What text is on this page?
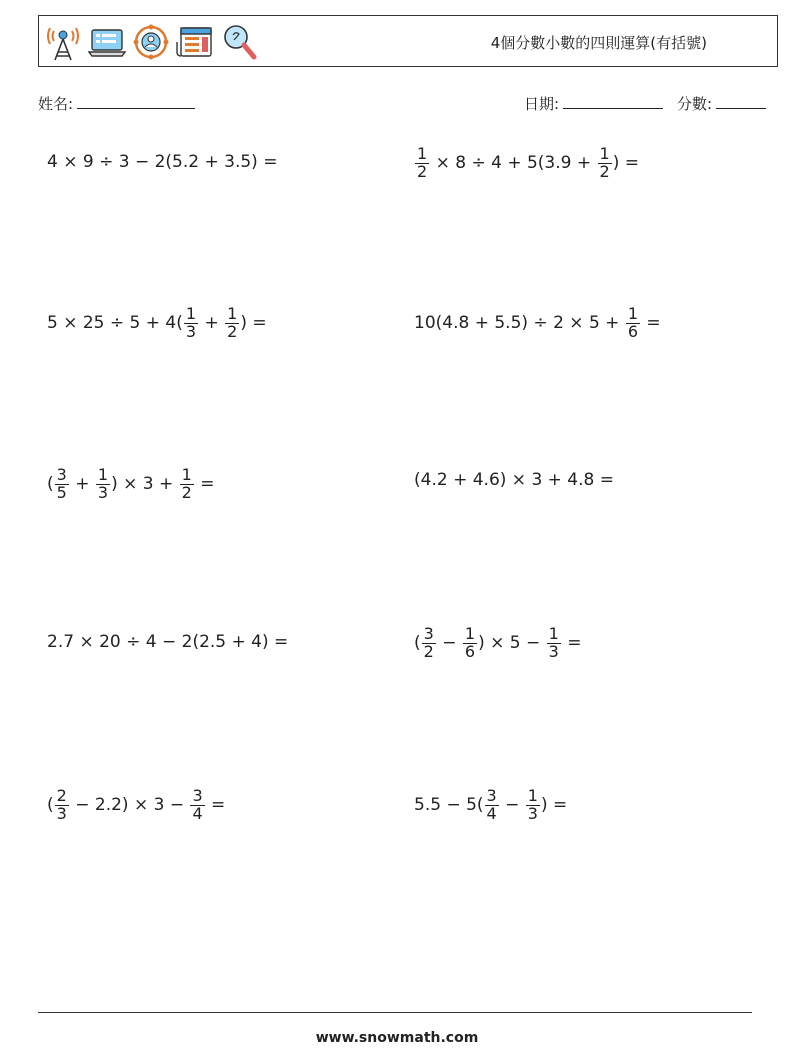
4個分數小數的四則運算(有括號)
姓名:	日期:	分數:
4 × 9 ÷ 3 − 2(5.2 + 3.5) =	$\frac{1}{2} \times 8 \div 4 + 5(3.9 + \frac{1}{2}$ ) =
$5 \times 25 \div 5 + 4( \frac{1}{3} + \frac{1}{2}$ ) =	$10(4.8 + 5.5) \div 2 \times 5 + \frac{1}{6}$ =
( $\frac{3}{5} + \frac{1}{3}$ ) × $3 + \frac{1}{2}$ =	(4.2 + 4.6) × 3 + 4.8 =
2.7 × 20 ÷ 4 − 2(2.5 + 4) =	( $\frac{3}{2} - \frac{1}{6}$ ) × $5 - \frac{1}{3}$ =
( $\frac{2}{3} - 2.2) \times 3 - \frac{3}{4}$ =	$5.5 - 5( \frac{3}{4} - \frac{1}{3}$ ) =
www.snowmath.com
